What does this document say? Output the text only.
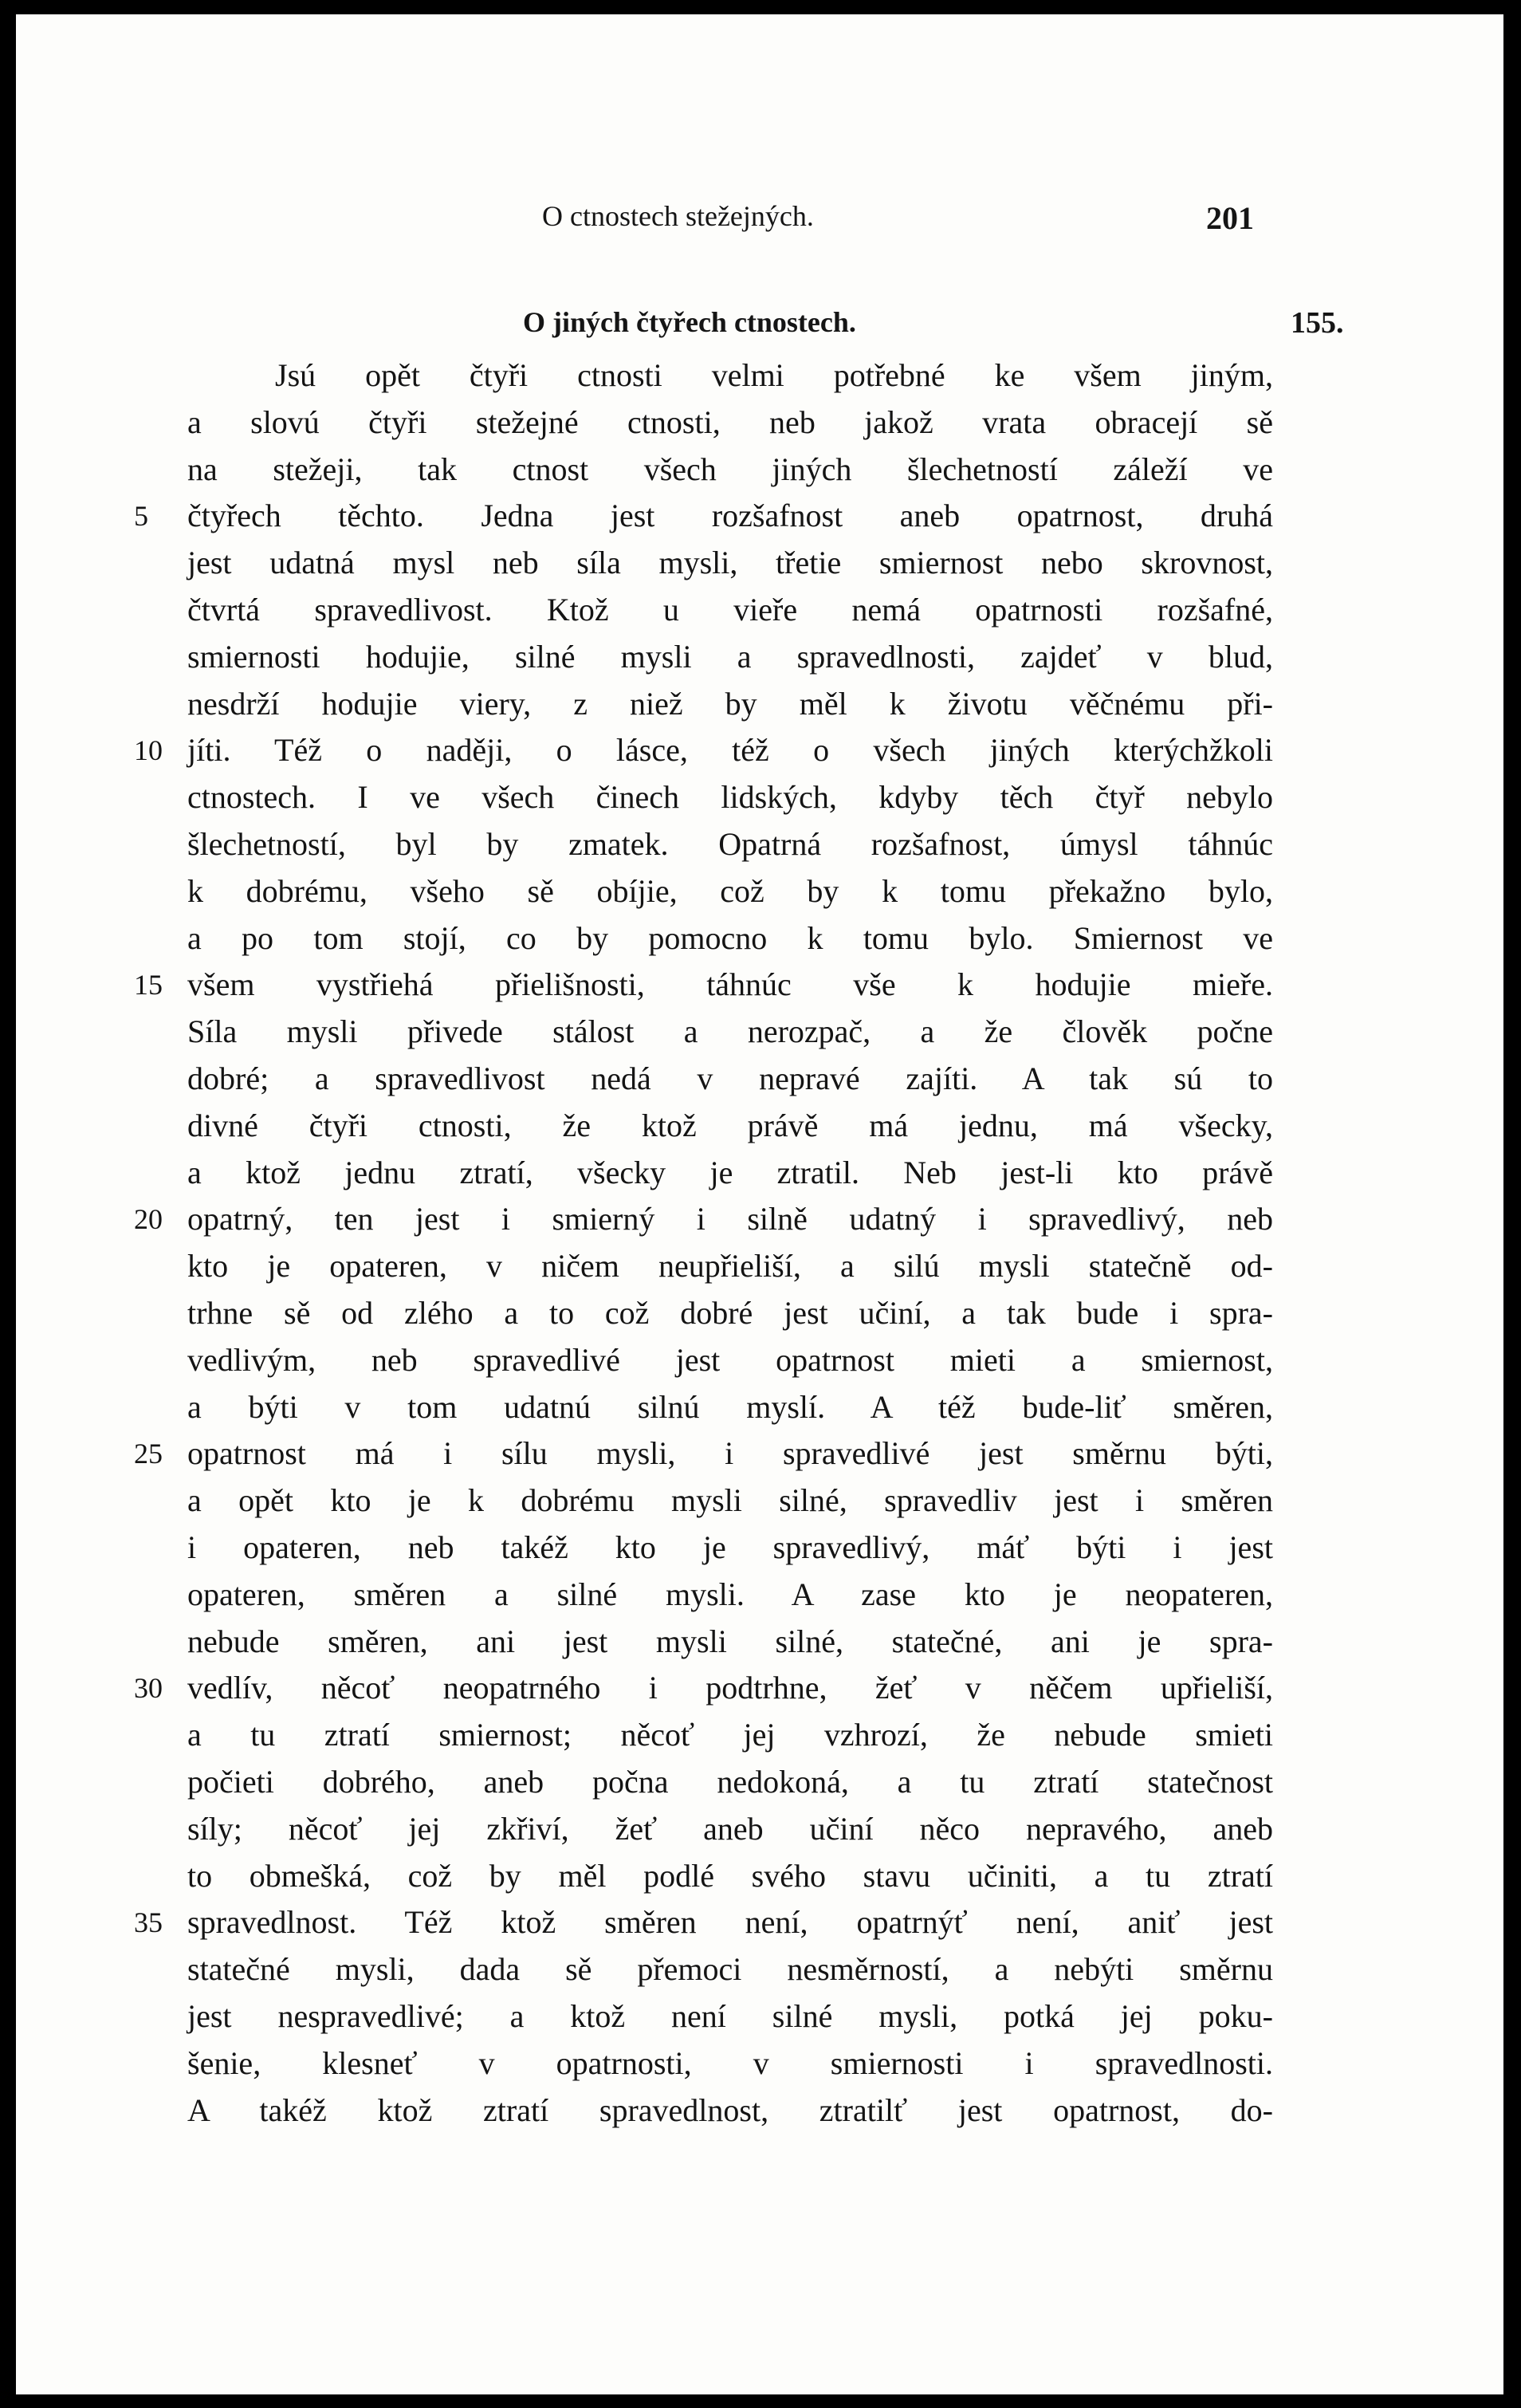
O ctnostech stežejných.	201
O jiných čtyřech ctnostech.	155.
Jsú opět čtyři ctnosti velmi potřebné ke všem jiným,
a slovú čtyři stežejné ctnosti, neb jakož vrata obracejí sě
na stežeji, tak ctnost všech jiných šlechetností záleží ve
čtyřech těchto. Jedna jest rozšafnost aneb opatrnost, druhá
jest udatná mysl neb síla mysli, třetie smiernost nebo skrovnost,
čtvrtá spravedlivost. Ktož u vieře nemá opatrnosti rozšafné,
smiernosti hodujie, silné mysli a spravedlnosti, zajdeť v blud,
nesdrží hodujie viery, z niež by měl k životu věčnému při-
jíti. Též o naději, o lásce, též o všech jiných kterýchžkoli
ctnostech. I ve všech činech lidských, kdyby těch čtyř nebylo
šlechetností, byl by zmatek. Opatrná rozšafnost, úmysl táhnúc
k dobrému, všeho sě obíjie, což by k tomu překažno bylo,
a po tom stojí, co by pomocno k tomu bylo. Smiernost ve
všem vystřiehá přielišnosti, táhnúc vše k hodujie mieře.
Síla mysli přivede stálost a nerozpač, a že člověk počne
dobré; a spravedlivost nedá v nepravé zajíti. A tak sú to
divné čtyři ctnosti, že ktož právě má jednu, má všecky,
a ktož jednu ztratí, všecky je ztratil. Neb jest-li kto právě
opatrný, ten jest i smierný i silně udatný i spravedlivý, neb
kto je opateren, v ničem neupřieliší, a silú mysli statečně od-
trhne sě od zlého a to což dobré jest učiní, a tak bude i spra-
vedlivým, neb spravedlivé jest opatrnost mieti a smiernost,
a býti v tom udatnú silnú myslí. A též bude-liť směren,
opatrnost má i sílu mysli, i spravedlivé jest směrnu býti,
a opět kto je k dobrému mysli silné, spravedliv jest i směren
i opateren, neb takéž kto je spravedlivý, máť býti i jest
opateren, směren a silné mysli. A zase kto je neopateren,
nebude směren, ani jest mysli silné, statečné, ani je spra-
vedlív, něcoť neopatrného i podtrhne, žeť v něčem upřieliší,
a tu ztratí smiernost; něcoť jej vzhrozí, že nebude smieti
počieti dobrého, aneb počna nedokoná, a tu ztratí statečnost
síly; něcoť jej zkřiví, žeť aneb učiní něco nepravého, aneb
to obmešká, což by měl podlé svého stavu učiniti, a tu ztratí
spravedlnost. Též ktož směren není, opatrnýť není, aniť jest
statečné mysli, dada sě přemoci nesměrností, a nebýti směrnu
jest nespravedlivé; a ktož není silné mysli, potká jej poku-
šenie, klesneť v opatrnosti, v smiernosti i spravedlnosti.
A takéž ktož ztratí spravedlnost, ztratilť jest opatrnost, do-
5
10
15
20
25
30
35
